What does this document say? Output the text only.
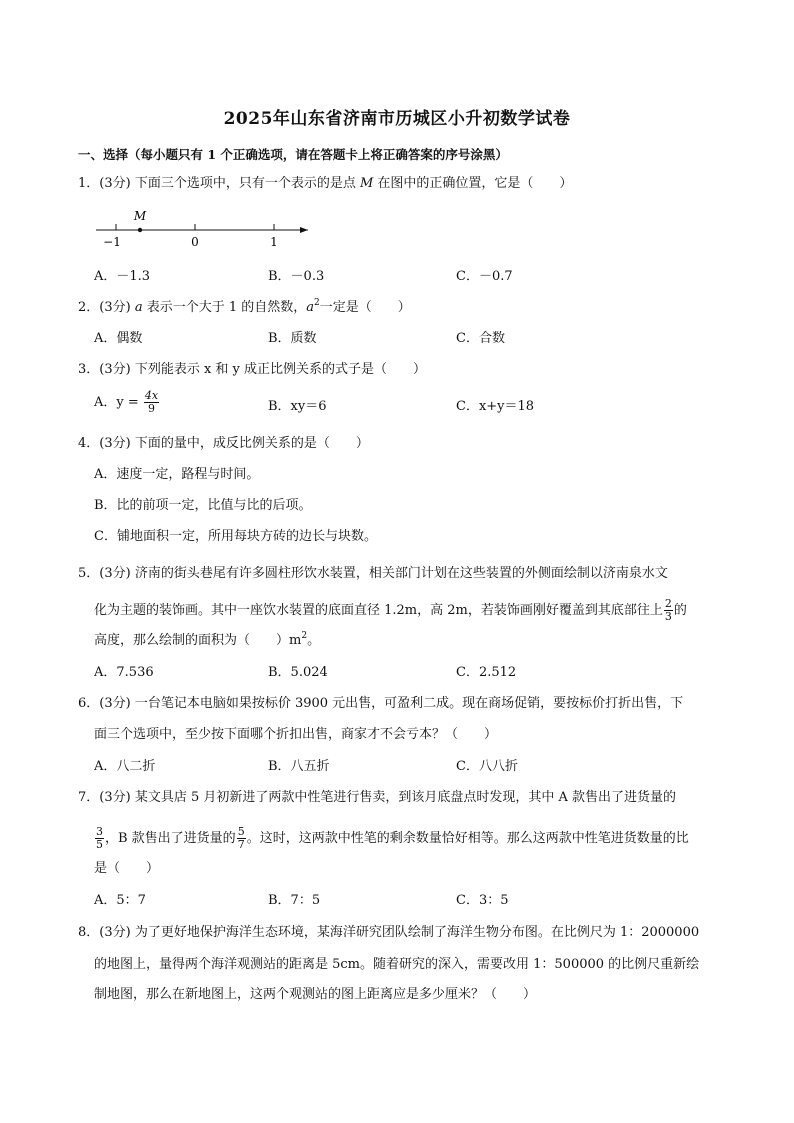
2025年山东省济南市历城区小升初数学试卷
一、选择（每小题只有 1 个正确选项，请在答题卡上将正确答案的序号涂黑）
1．(3分) 下面三个选项中，只有一个表示的是点 M 在图中的正确位置，它是（　　）
M
−1	0	1
A．－1.3	B．－0.3	C．－0.7
2．(3分) a 表示一个大于 1 的自然数，$a^2$一定是（　　）
A．偶数	B．质数	C．合数
3．(3分) 下列能表示 x 和 y 成正比例关系的式子是（　　）
A．$y = \frac{4x}{9}$	B．xy＝6	C．x+y＝18
4．(3分) 下面的量中，成反比例关系的是（　　）
A．速度一定，路程与时间。
B．比的前项一定，比值与比的后项。
C．铺地面积一定，所用每块方砖的边长与块数。
5．(3分) 济南的街头巷尾有许多圆柱形饮水装置，相关部门计划在这些装置的外侧面绘制以济南泉水文
化为主题的装饰画。其中一座饮水装置的底面直径 1.2m，高 2m，若装饰画刚好覆盖到其底部往上 $\frac{2}{3}$ 的
高度，那么绘制的面积为（　　）$m^2$。
A．7.536	B．5.024	C．2.512
6．(3分) 一台笔记本电脑如果按标价 3900 元出售，可盈利二成。现在商场促销，要按标价打折出售，下
面三个选项中，至少按下面哪个折扣出售，商家才不会亏本？（　　）
A．八二折	B．八五折	C．八八折
7．(3分) 某文具店 5 月初新进了两款中性笔进行售卖，到该月底盘点时发现，其中 A 款售出了进货量的
$\frac{3}{5}$ ，B 款售出了进货量的 $\frac{5}{7}$ 。这时，这两款中性笔的剩余数量恰好相等。那么这两款中性笔进货数量的比
是（　　）
A．5：7	B．7：5	C．3：5
8．(3分) 为了更好地保护海洋生态环境，某海洋研究团队绘制了海洋生物分布图。在比例尺为 1：2000000
的地图上，量得两个海洋观测站的距离是 5cm。随着研究的深入，需要改用 1：500000 的比例尺重新绘
制地图，那么在新地图上，这两个观测站的图上距离应是多少厘米？（　　）
